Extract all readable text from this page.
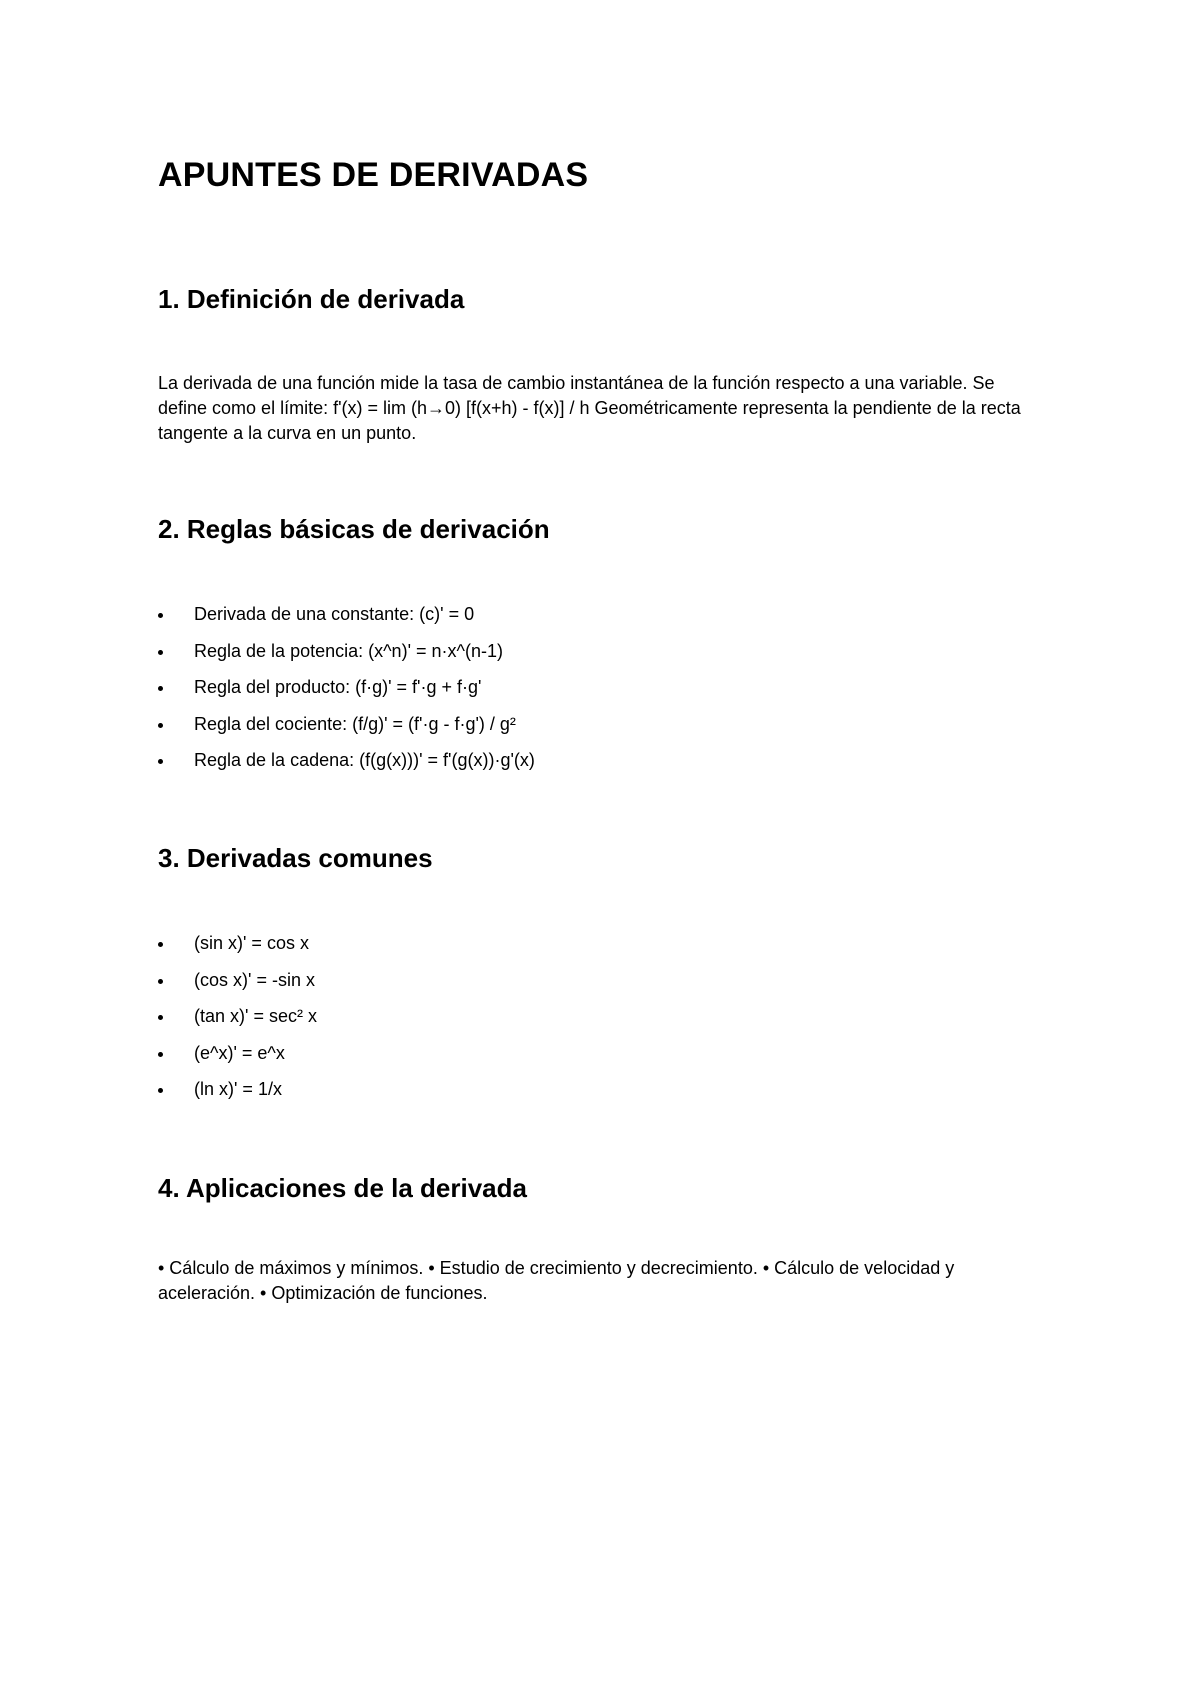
APUNTES DE DERIVADAS
1. Definición de derivada

La derivada de una función mide la tasa de cambio instantánea de la función respecto a una variable. Se define como el límite: f'(x) = lim (h→0) [f(x+h) - f(x)] / h Geométricamente representa la pendiente de la recta tangente a la curva en un punto.

2. Reglas básicas de derivación
Derivada de una constante: (c)' = 0
Regla de la potencia: (x^n)' = n·x^(n-1)
Regla del producto: (f·g)' = f'·g + f·g'
Regla del cociente: (f/g)' = (f'·g - f·g') / g²
Regla de la cadena: (f(g(x)))' = f'(g(x))·g'(x)
3. Derivadas comunes
(sin x)' = cos x
(cos x)' = -sin x
(tan x)' = sec² x
(e^x)' = e^x
(ln x)' = 1/x
4. Aplicaciones de la derivada

• Cálculo de máximos y mínimos. • Estudio de crecimiento y decrecimiento. • Cálculo de velocidad y aceleración. • Optimización de funciones.
